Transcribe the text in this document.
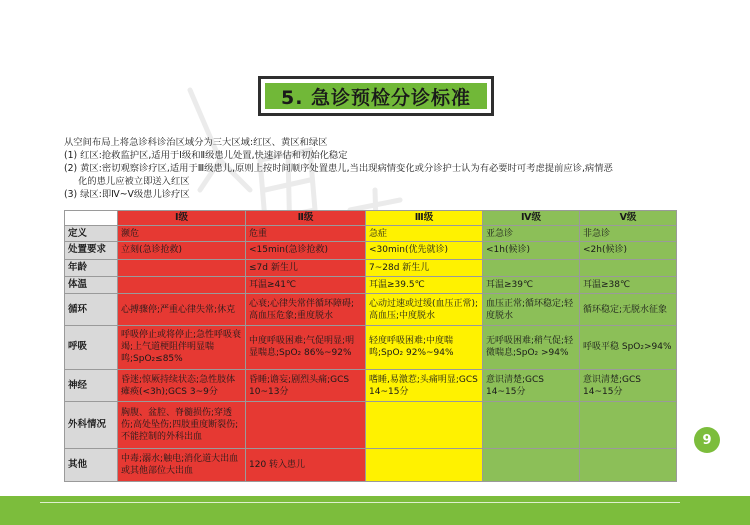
5. 急诊预检分诊标准
从空间布局上将急诊科诊治区域分为三大区域:红区、黄区和绿区
(1) 红区:抢救监护区,适用于Ⅰ级和Ⅱ级患儿处置,快速评估和初始化稳定
(2) 黄区:密切观察诊疗区,适用于Ⅲ级患儿,原则上按时间顺序处置患儿,当出现病情变化或分诊护士认为有必要时可考虑提前应诊,病情恶
化的患儿应被立即送入红区
(3) 绿区:即Ⅳ~Ⅴ级患儿诊疗区
	Ⅰ级	Ⅱ级	Ⅲ级	Ⅳ级	Ⅴ级
定义	濒危	危重	急症	亚急诊	非急诊
处置要求	立刻(急诊抢救)	<15min(急诊抢救)	<30min(优先就诊)	<1h(候诊)	<2h(候诊)
年龄		≤7d 新生儿	7~28d 新生儿		
体温		耳温≥41℃	耳温≥39.5℃	耳温≥39℃	耳温≥38℃
循环	心搏骤停;严重心律失常;休克	心衰;心律失常伴循环障碍;高血压危象;重度脱水	心动过速或过缓(血压正常);高血压;中度脱水	血压正常;循环稳定;轻度脱水	循环稳定;无脱水征象
呼吸	呼吸停止或将停止;急性呼吸衰竭;上气道梗阻伴明显喘鸣;SpO₂≤85%	中度呼吸困难;气促明显;明显喘息;SpO₂ 86%~92%	轻度呼吸困难;中度喘鸣;SpO₂ 92%~94%	无呼吸困难;稍气促;轻微喘息;SpO₂ >94%	呼吸平稳 SpO₂>94%
神经	昏迷;惊厥持续状态;急性肢体瘫痪(<3h);GCS 3~9分	昏睡;谵妄;剧烈头痛;GCS 10~13分	嗜睡,易激惹;头痛明显;GCS 14~15分	意识清楚;GCS 14~15分	意识清楚;GCS 14~15分
外科情况	胸腹、盆腔、脊髓损伤;穿透伤;高处坠伤;四肢重度断裂伤;不能控制的外科出血				
其他	中毒;溺水;触电;消化道大出血或其他部位大出血	120 转入患儿			
9
